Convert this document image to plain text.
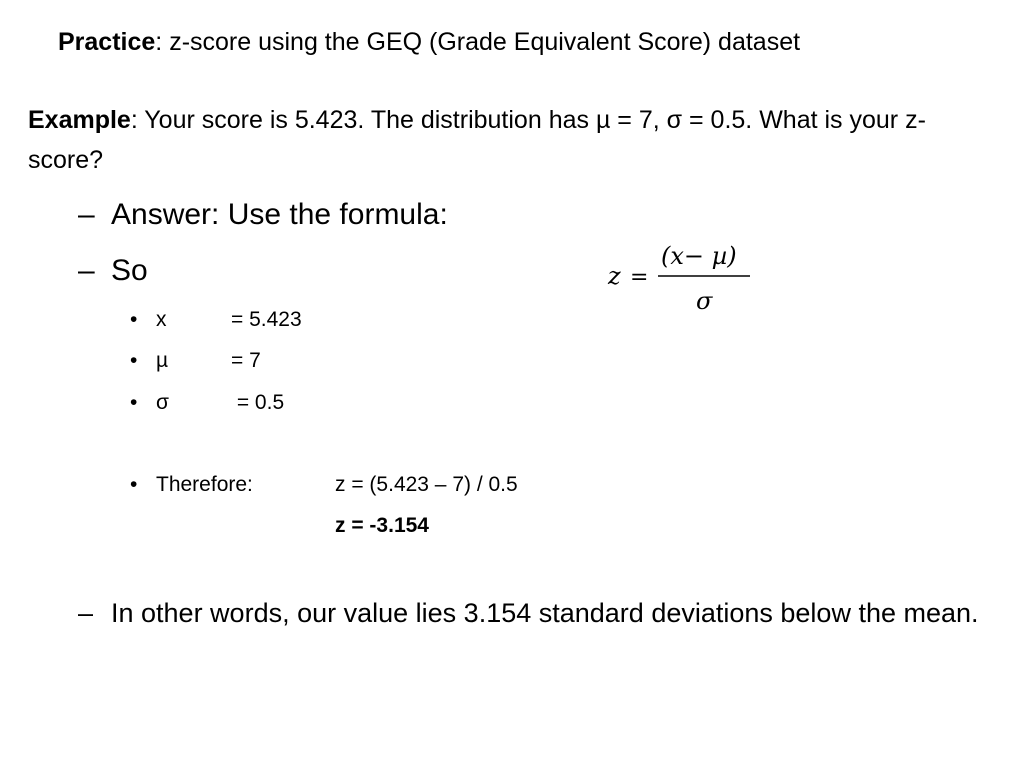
Practice: z-score using the GEQ (Grade Equivalent Score) dataset
Example: Your score is 5.423. The distribution has µ = 7, σ = 0.5. What is your z-score?
– Answer: Use the formula:
– So
• x	= 5.423
• µ	= 7
• σ	= 0.5
• Therefore:	z = (5.423 – 7) / 0.5
z = -3.154
– In other words, our value lies 3.154 standard deviations below the mean.
z =
(x− µ)
σ
